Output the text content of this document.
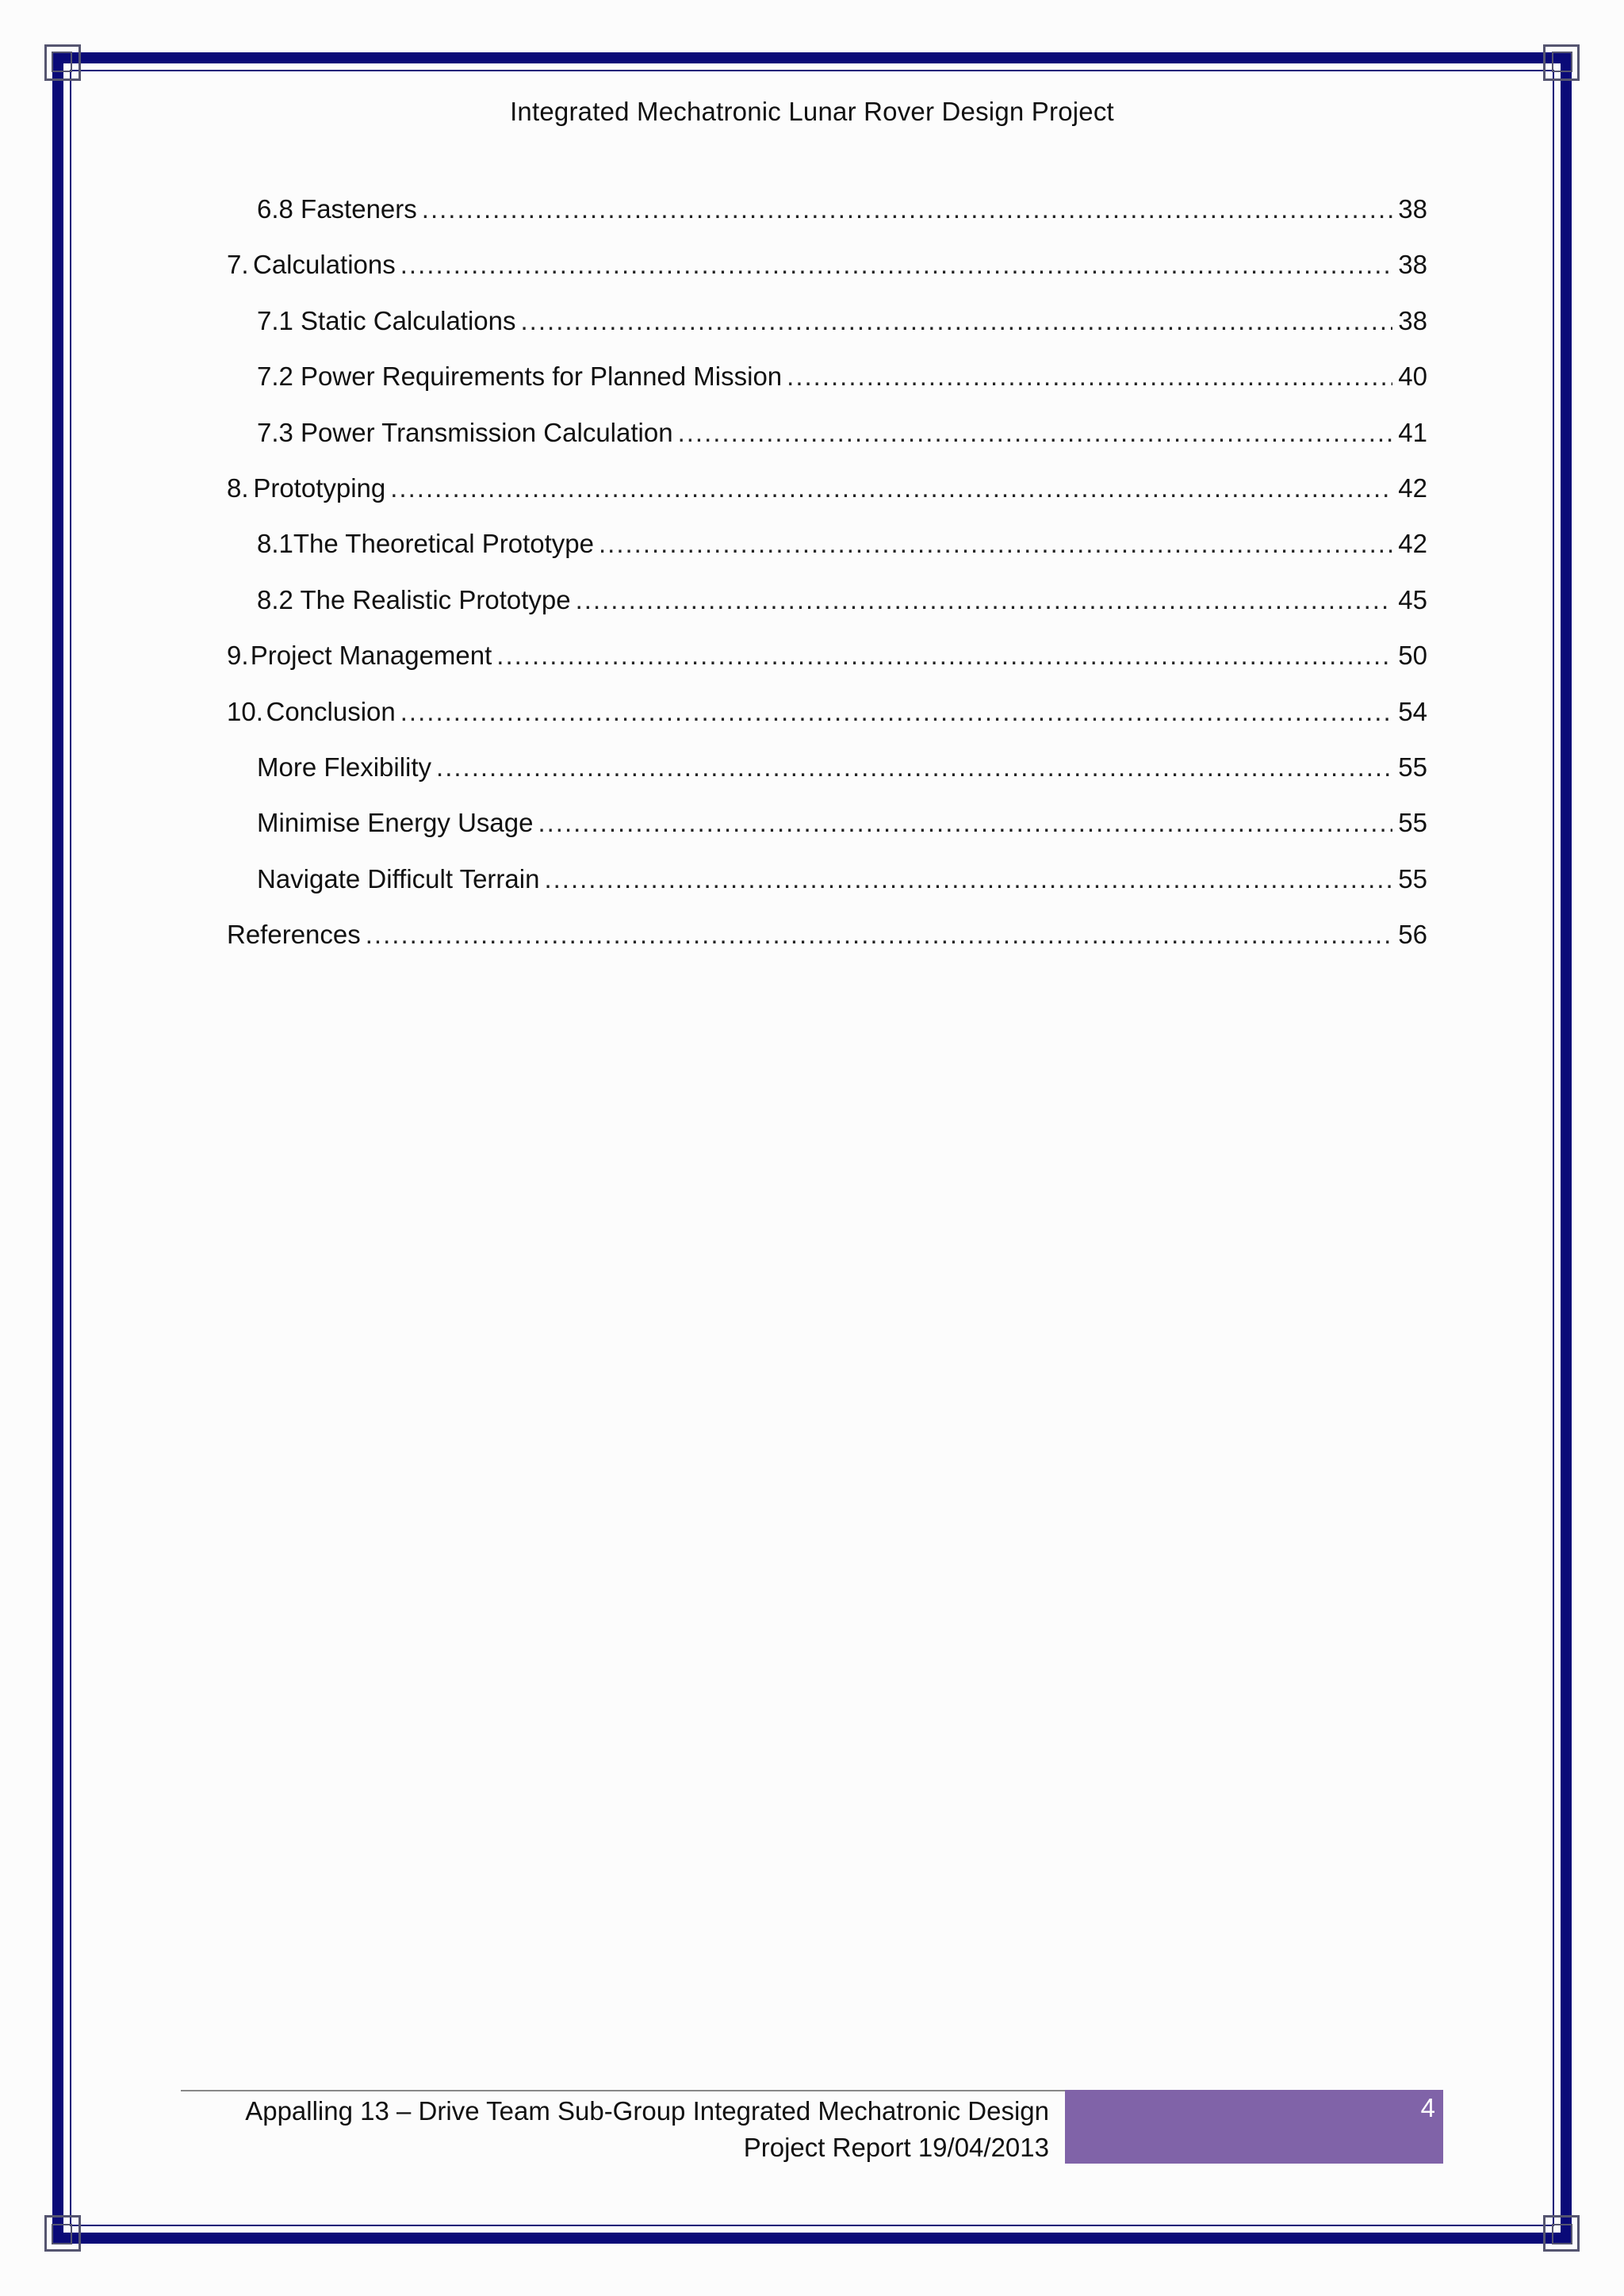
Integrated Mechatronic Lunar Rover Design Project
6.8 Fasteners .....	38
7. Calculations .....	38
7.1 Static Calculations .....	38
7.2 Power Requirements for Planned Mission .....	40
7.3 Power Transmission Calculation .....	41
8. Prototyping .....	42
8.1 The Theoretical Prototype .....	42
8.2 The Realistic Prototype .....	45
9. Project Management .....	50
10. Conclusion .....	54
More Flexibility .....	55
Minimise Energy Usage .....	55
Navigate Difficult Terrain .....	55
References .....	56
Appalling 13 – Drive Team Sub-Group Integrated Mechatronic Design
Project Report 19/04/2013
4
